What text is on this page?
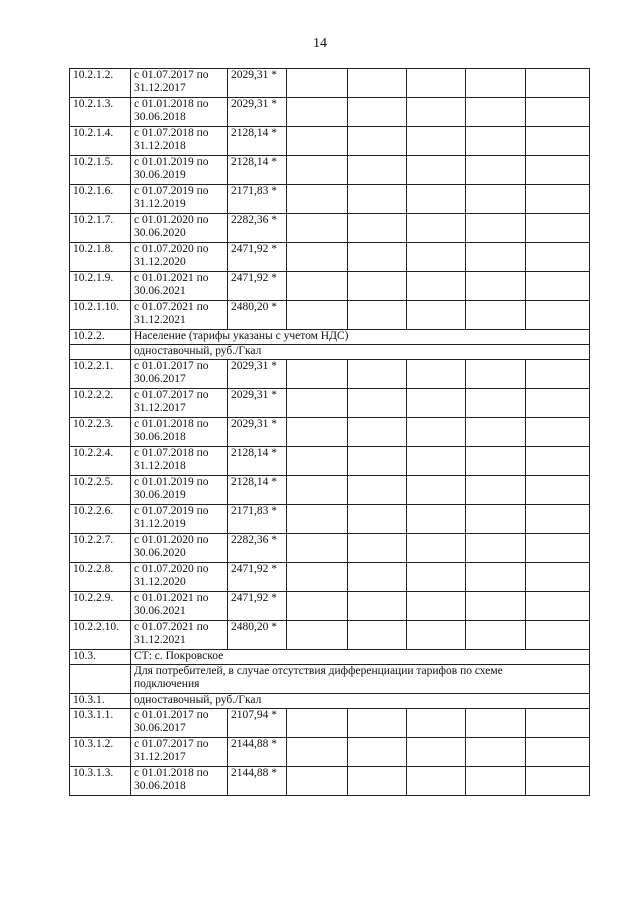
14
10.2.1.2.	с 01.07.2017 по
31.12.2017	2029,31 *					
10.2.1.3.	с 01.01.2018 по
30.06.2018	2029,31 *					
10.2.1.4.	с 01.07.2018 по
31.12.2018	2128,14 *					
10.2.1.5.	с 01.01.2019 по
30.06.2019	2128,14 *					
10.2.1.6.	с 01.07.2019 по
31.12.2019	2171,83 *					
10.2.1.7.	с 01.01.2020 по
30.06.2020	2282,36 *					
10.2.1.8.	с 01.07.2020 по
31.12.2020	2471,92 *					
10.2.1.9.	с 01.01.2021 по
30.06.2021	2471,92 *					
10.2.1.10.	с 01.07.2021 по
31.12.2021	2480,20 *					
10.2.2.	Население (тарифы указаны с учетом НДС)						
	одноставочный, руб./Гкал						
10.2.2.1.	с 01.01.2017 по
30.06.2017	2029,31 *					
10.2.2.2.	с 01.07.2017 по
31.12.2017	2029,31 *					
10.2.2.3.	с 01.01.2018 по
30.06.2018	2029,31 *					
10.2.2.4.	с 01.07.2018 по
31.12.2018	2128,14 *					
10.2.2.5.	с 01.01.2019 по
30.06.2019	2128,14 *					
10.2.2.6.	с 01.07.2019 по
31.12.2019	2171,83 *					
10.2.2.7.	с 01.01.2020 по
30.06.2020	2282,36 *					
10.2.2.8.	с 01.07.2020 по
31.12.2020	2471,92 *					
10.2.2.9.	с 01.01.2021 по
30.06.2021	2471,92 *					
10.2.2.10.	с 01.07.2021 по
31.12.2021	2480,20 *					
10.3.	СТ: с. Покровское						
	Для потребителей, в случае отсутствия дифференциации тарифов по схеме
подключения						
10.3.1.	одноставочный, руб./Гкал						
10.3.1.1.	с 01.01.2017 по
30.06.2017	2107,94 *					
10.3.1.2.	с 01.07.2017 по
31.12.2017	2144,88 *					
10.3.1.3.	с 01.01.2018 по
30.06.2018	2144,88 *					
